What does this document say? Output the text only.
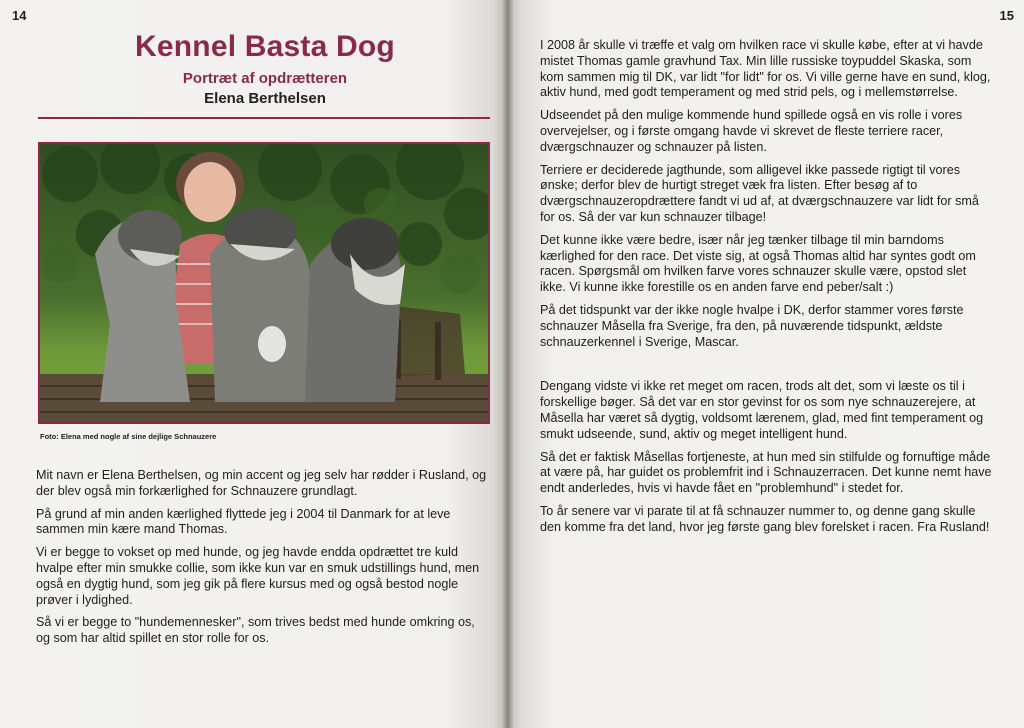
14
Kennel Basta Dog
Portræt af opdrætteren
Elena Berthelsen
Foto: Elena med nogle af sine dejlige Schnauzere

Mit navn er Elena Berthelsen, og min accent og jeg selv har rødder i Rusland, og der blev også min forkærlighed for Schnauzere grundlagt.

På grund af min anden kærlighed flyttede jeg i 2004 til Danmark for at leve sammen min kære mand Thomas.

Vi er begge to vokset op med hunde, og jeg havde endda opdrættet tre kuld hvalpe efter min smukke collie, som ikke kun var en smuk udstillings hund, men også en dygtig hund, som jeg gik på flere kursus med og også bestod nogle prøver i lydighed.

Så vi er begge to "hundemennesker", som trives bedst med hunde omkring os, og som har altid spillet en stor rolle for os.

15

I 2008 år skulle vi træffe et valg om hvilken race vi skulle købe, efter at vi havde mistet Thomas gamle gravhund Tax. Min lille russiske toypuddel Skaska, som kom sammen mig til DK, var lidt "for lidt" for os. Vi ville gerne have en sund, klog, aktiv hund, med godt temperament og med strid pels, og i mellemstørrelse.

Udseendet på den mulige kommende hund spillede også en vis rolle i vores overvejelser, og i første omgang havde vi skrevet de fleste terriere racer, dværgschnauzer og schnauzer på listen.

Terriere er deciderede jagthunde, som alligevel ikke passede rigtigt til vores ønske; derfor blev de hurtigt streget væk fra listen. Efter besøg af to dværgschnauzeropdrættere fandt vi ud af, at dværgschnauzere var lidt for små for os. Så der var kun schnauzer tilbage!

Det kunne ikke være bedre, især når jeg tænker tilbage til min barndoms kærlighed for den race. Det viste sig, at også Thomas altid har syntes godt om racen. Spørgsmål om hvilken farve vores schnauzer skulle være, opstod slet ikke. Vi kunne ikke forestille os en anden farve end peber/salt :)

På det tidspunkt var der ikke nogle hvalpe i DK, derfor stammer vores første schnauzer Måsella fra Sverige, fra den, på nuværende tidspunkt, ældste schnauzerkennel i Sverige, Mascar.

Dengang vidste vi ikke ret meget om racen, trods alt det, som vi læste os til i forskellige bøger. Så det var en stor gevinst for os som nye schnauzerejere, at Måsella har været så dygtig, voldsomt lærenem, glad, med fint temperament og smukt udseende, sund, aktiv og meget intelligent hund.

Så det er faktisk Måsellas fortjeneste, at hun med sin stilfulde og fornuftige måde at være på, har guidet os problemfrit ind i Schnauzerracen. Det kunne nemt have endt anderledes, hvis vi havde fået en "problemhund" i stedet for.

To år senere var vi parate til at få schnauzer nummer to, og denne gang skulle den komme fra det land, hvor jeg første gang blev forelsket i racen. Fra Rusland!
